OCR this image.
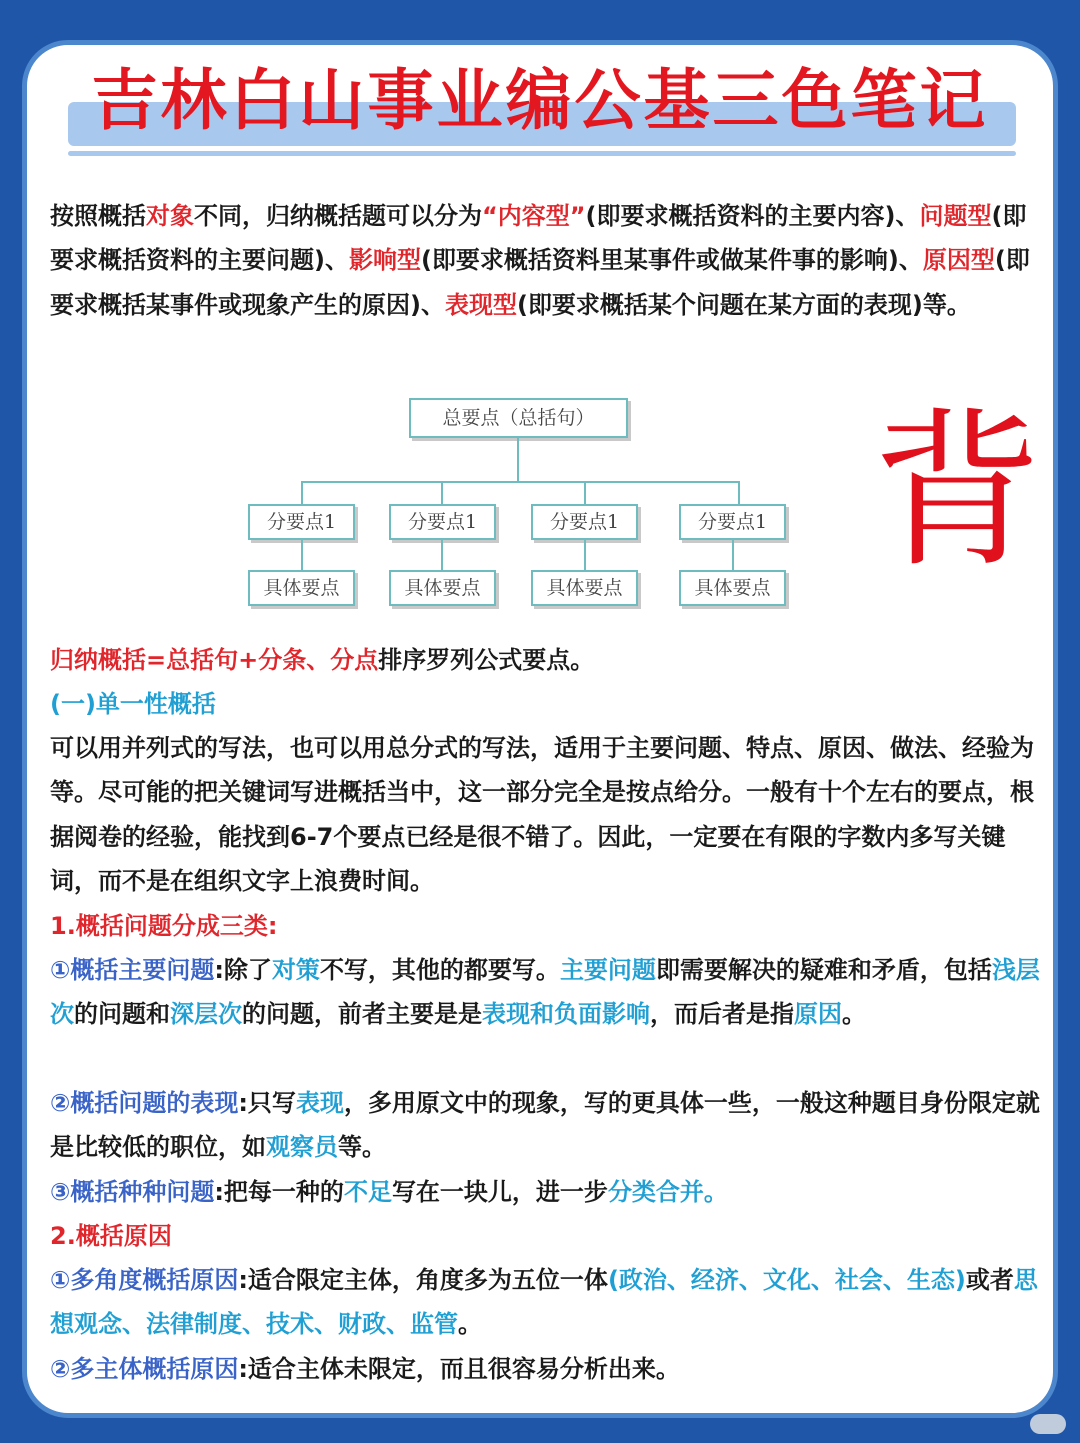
吉林白山事业编公基三色笔记
按照概括对象不同，归纳概括题可以分为“内容型”(即要求概括资料的主要内容)、问题型(即要求概括资料的主要问题)、影响型(即要求概括资料里某事件或做某件事的影响)、原因型(即要求概括某事件或现象产生的原因)、表现型(即要求概括某个问题在某方面的表现)等。
总要点（总括句）
分要点1	分要点1	分要点1	分要点1
具体要点	具体要点	具体要点	具体要点 背
归纳概括=总括句+分条、分点排序罗列公式要点。
(一)单一性概括
可以用并列式的写法，也可以用总分式的写法，适用于主要问题、特点、原因、做法、经验为等。尽可能的把关键词写进概括当中，这一部分完全是按点给分。一般有十个左右的要点，根据阅卷的经验，能找到6-7个要点已经是很不错了。因此，一定要在有限的字数内多写关键词，而不是在组织文字上浪费时间。
1.概括问题分成三类:
①概括主要问题:除了对策不写，其他的都要写。主要问题即需要解决的疑难和矛盾，包括浅层次的问题和深层次的问题，前者主要是是表现和负面影响，而后者是指原因。
②概括问题的表现:只写表现，多用原文中的现象，写的更具体一些，一般这种题目身份限定就是比较低的职位，如观察员等。
③概括种种问题:把每一种的不足写在一块儿，进一步分类合并。
2.概括原因
①多角度概括原因:适合限定主体，角度多为五位一体(政治、经济、文化、社会、生态)或者思想观念、法律制度、技术、财政、监管。
②多主体概括原因:适合主体未限定，而且很容易分析出来。
